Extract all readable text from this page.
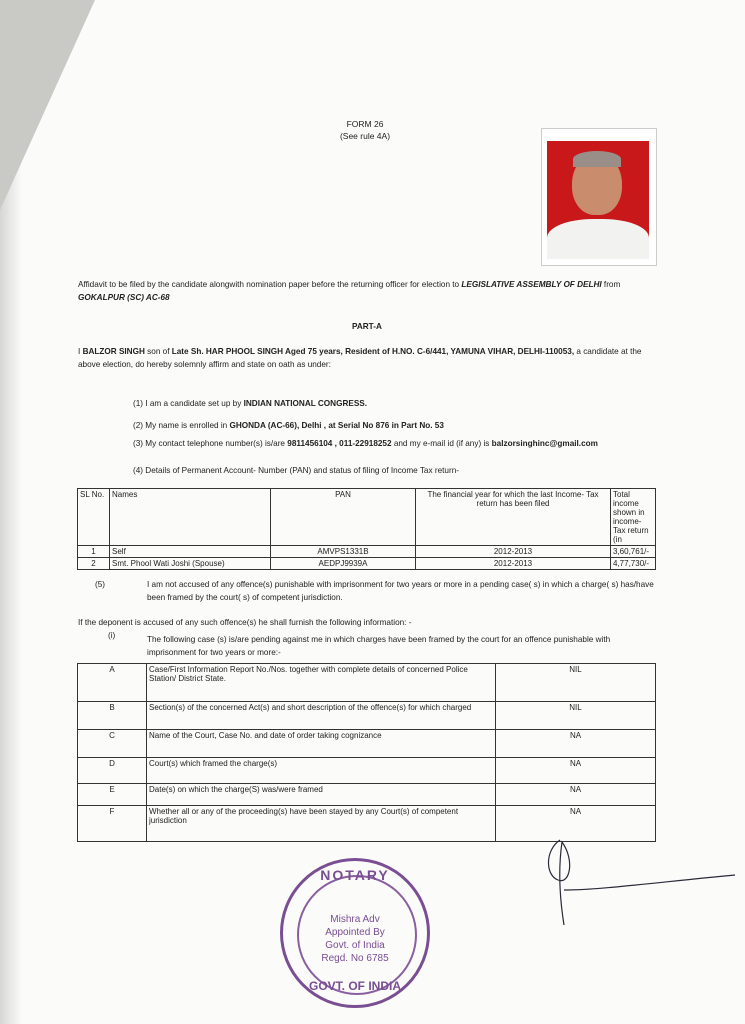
FORM 26
(See rule 4A)
Affidavit to be filed by the candidate alongwith nomination paper before the returning officer for election to LEGISLATIVE ASSEMBLY OF DELHI from
GOKALPUR (SC) AC-68
PART-A
I BALZOR SINGH son of Late Sh. HAR PHOOL SINGH Aged 75 years, Resident of H.NO. C-6/441, YAMUNA VIHAR, DELHI-110053, a candidate at the above election, do hereby solemnly affirm and state on oath as under:
(1) I am a candidate set up by INDIAN NATIONAL CONGRESS.
(2) My name is enrolled in GHONDA (AC-66), Delhi , at Serial No 876 in Part No. 53
(3) My contact telephone number(s) is/are 9811456104 , 011-22918252 and my e-mail id (if any) is balzorsinghinc@gmail.com
(4) Details of Permanent Account- Number (PAN) and status of filing of Income Tax return-
SL No.	Names	PAN	The financial year for which the last Income- Tax return has been filed	Total income shown in income-Tax return (in
1	Self	AMVPS1331B	2012-2013	3,60,761/-
2	Smt. Phool Wati Joshi (Spouse)	AEDPJ9939A	2012-2013	4,77,730/-
(5)	I am not accused of any offence(s) punishable with imprisonment for two years or more in a pending case( s) in which a charge( s) has/have been framed by the court( s) of competent jurisdiction.
If the deponent is accused of any such offence(s) he shall furnish the following information: -
(i)	The following case (s) is/are pending against me in which charges have been framed by the court for an offence punishable with imprisonment for two years or more:-
A	Case/First Information Report No./Nos. together with complete details of concerned Police Station/ District State.	NIL
B	Section(s) of the concerned Act(s) and short description of the offence(s) for which charged	NIL
C	Name of the Court, Case No. and date of order taking cognizance	NA
D	Court(s) which framed the charge(s)	NA
E	Date(s) on which the charge(S) was/were framed	NA
F	Whether all or any of the proceeding(s) have been stayed by any Court(s) of competent jurisdiction	NA
NOTARY
Mishra Adv
Appointed By
Govt. of India
Regd. No 6785
GOVT. OF INDIA
